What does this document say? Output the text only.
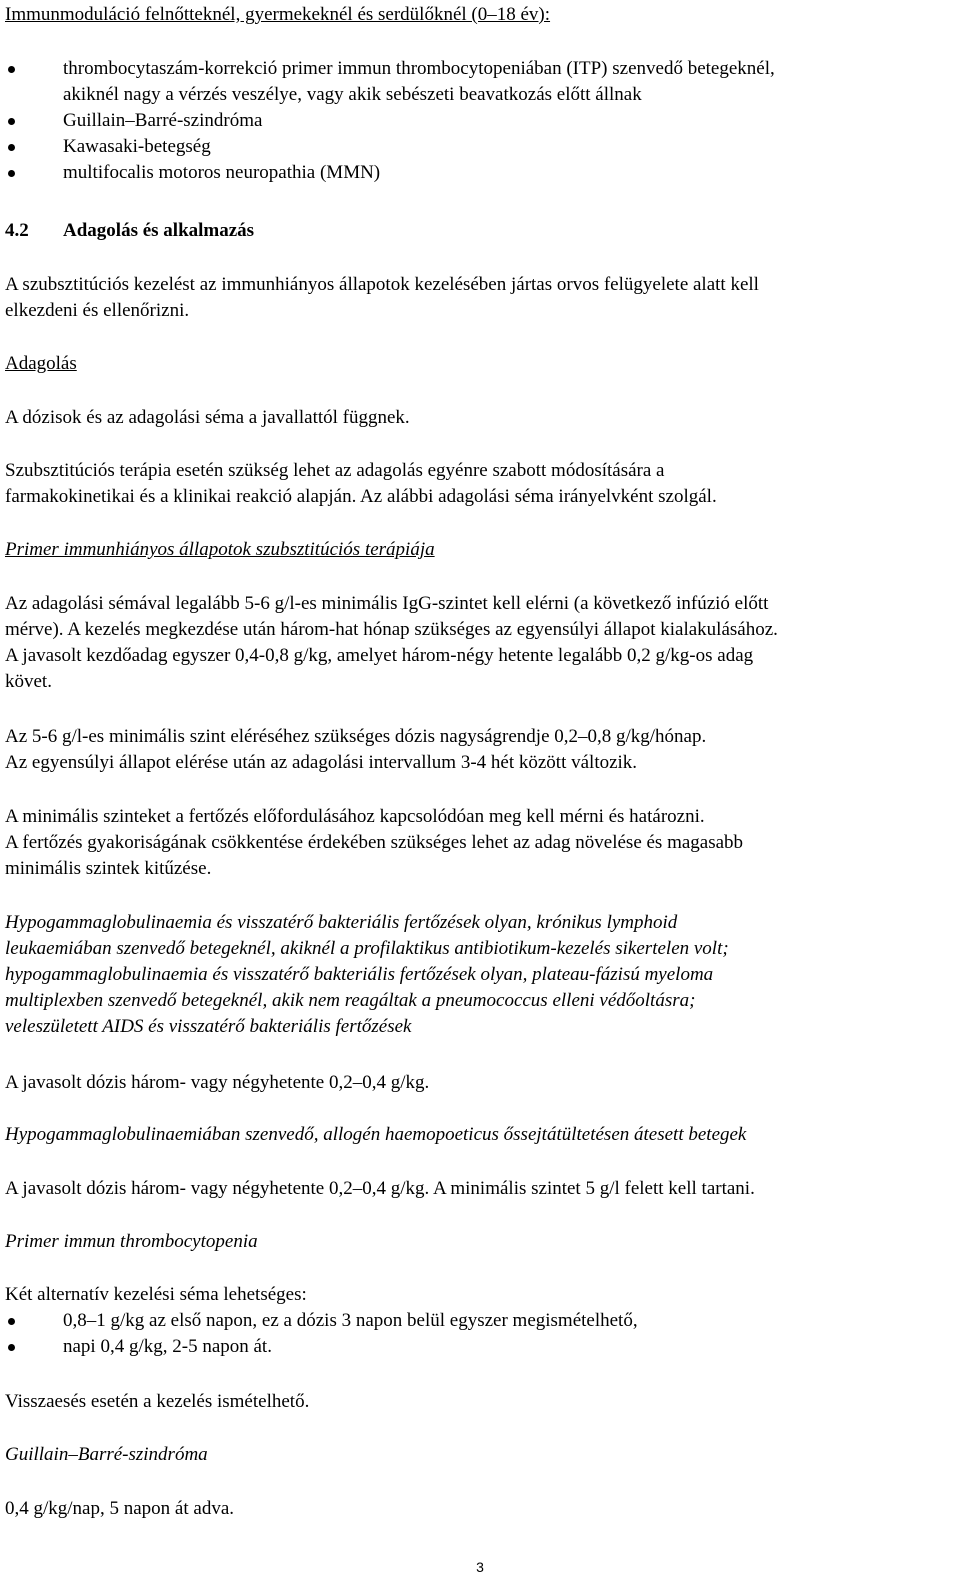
Immunmoduláció felnőtteknél, gyermekeknél és serdülőknél (0–18 év):

thrombocytaszám-korrekció primer immun thrombocytopeniában (ITP) szenvedő betegeknél,
akiknél nagy a vérzés veszélye, vagy akik sebészeti beavatkozás előtt állnak
Guillain–Barré-szindróma
Kawasaki-betegség
multifocalis motoros neuropathia (MMN)

4.2 Adagolás és alkalmazás

A szubsztitúciós kezelést az immunhiányos állapotok kezelésében jártas orvos felügyelete alatt kell
elkezdeni és ellenőrizni.

Adagolás

A dózisok és az adagolási séma a javallattól függnek.

Szubsztitúciós terápia esetén szükség lehet az adagolás egyénre szabott módosítására a
farmakokinetikai és a klinikai reakció alapján. Az alábbi adagolási séma irányelvként szolgál.

Primer immunhiányos állapotok szubsztitúciós terápiája

Az adagolási sémával legalább 5-6 g/l-es minimális IgG-szintet kell elérni (a következő infúzió előtt
mérve). A kezelés megkezdése után három-hat hónap szükséges az egyensúlyi állapot kialakulásához.
A javasolt kezdőadag egyszer 0,4-0,8 g/kg, amelyet három-négy hetente legalább 0,2 g/kg-os adag
követ.

Az 5-6 g/l-es minimális szint eléréséhez szükséges dózis nagyságrendje 0,2–0,8 g/kg/hónap.
Az egyensúlyi állapot elérése után az adagolási intervallum 3-4 hét között változik.

A minimális szinteket a fertőzés előfordulásához kapcsolódóan meg kell mérni és határozni.
A fertőzés gyakoriságának csökkentése érdekében szükséges lehet az adag növelése és magasabb
minimális szintek kitűzése.

Hypogammaglobulinaemia és visszatérő bakteriális fertőzések olyan, krónikus lymphoid
leukaemiában szenvedő betegeknél, akiknél a profilaktikus antibiotikum-kezelés sikertelen volt;
hypogammaglobulinaemia és visszatérő bakteriális fertőzések olyan, plateau-fázisú myeloma
multiplexben szenvedő betegeknél, akik nem reagáltak a pneumococcus elleni védőoltásra;
veleszületett AIDS és visszatérő bakteriális fertőzések

A javasolt dózis három- vagy négyhetente 0,2–0,4 g/kg.

Hypogammaglobulinaemiában szenvedő, allogén haemopoeticus őssejtátültetésen átesett betegek

A javasolt dózis három- vagy négyhetente 0,2–0,4 g/kg. A minimális szintet 5 g/l felett kell tartani.

Primer immun thrombocytopenia

Két alternatív kezelési séma lehetséges:

0,8–1 g/kg az első napon, ez a dózis 3 napon belül egyszer megismételhető,
napi 0,4 g/kg, 2-5 napon át.

Visszaesés esetén a kezelés ismételhető.

Guillain–Barré-szindróma

0,4 g/kg/nap, 5 napon át adva.

3
